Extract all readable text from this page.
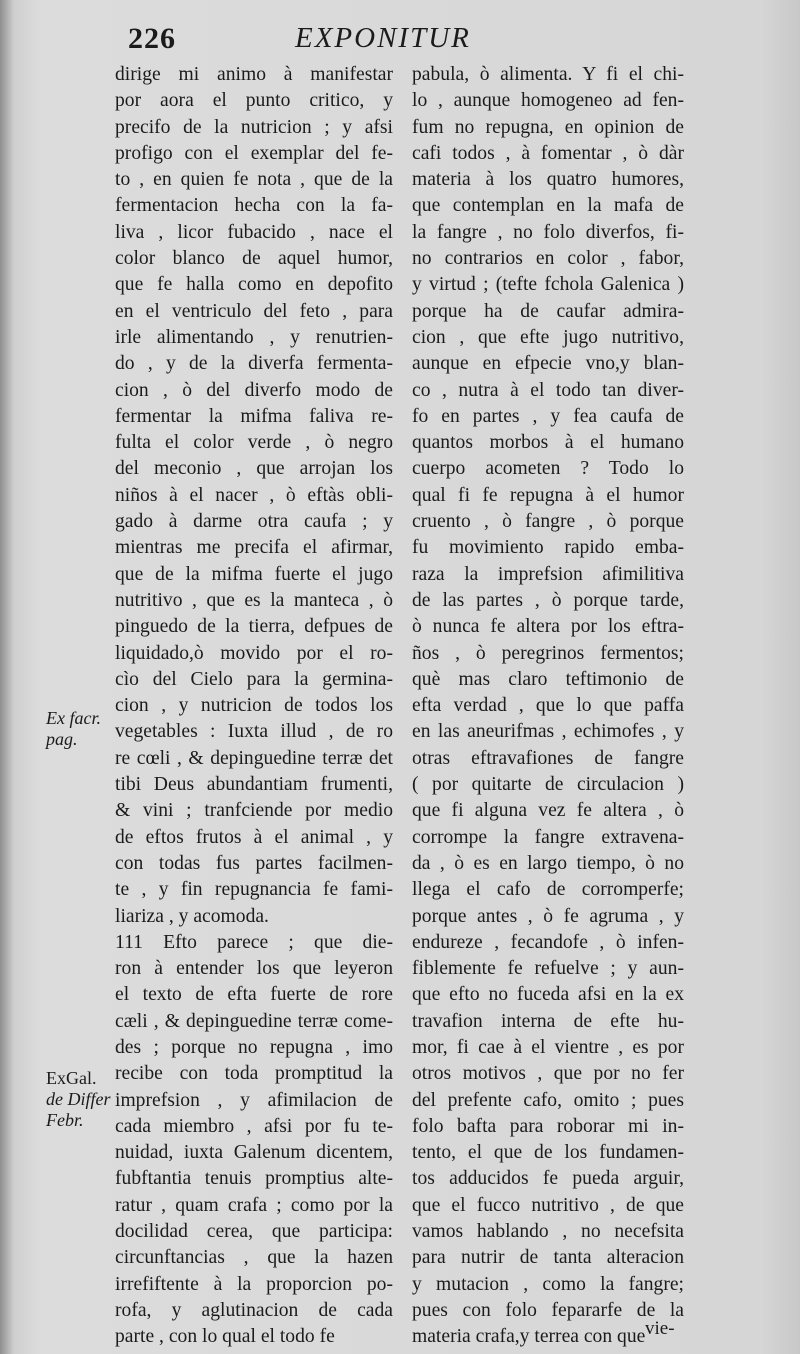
226	EXPONITUR
dirige mi animo à manifestar
por aora el punto critico, y
precifo de la nutricion ; y afsi
profigo con el exemplar del fe-
to , en quien fe nota , que de la
fermentacion hecha con la fa-
liva , licor fubacido , nace el
color blanco de aquel humor,
que fe halla como en depofito
en el ventriculo del feto , para
irle alimentando , y renutrien-
do , y de la diverfa fermenta-
cion , ò del diverfo modo de
fermentar la mifma faliva re-
fulta el color verde , ò negro
del meconio , que arrojan los
niños à el nacer , ò eftàs obli-
gado à darme otra caufa ; y
mientras me precifa el afirmar,
que de la mifma fuerte el jugo
nutritivo , que es la manteca , ò
pinguedo de la tierra, defpues de
liquidado,ò movido por el ro-
cìo del Cielo para la germina-
cion , y nutricion de todos los
vegetables : Iuxta illud , de ro
re cœli , & depinguedine terræ det
tibi Deus abundantiam frumenti,
& vini ; tranfciende por medio
de eftos frutos à el animal , y
con todas fus partes facilmen-
te , y fin repugnancia fe fami-
liariza , y acomoda.
111 Efto parece ; que die-
ron à entender los que leyeron
el texto de efta fuerte de rore
cæli , & depinguedine terræ come-
des ; porque no repugna , imo
recibe con toda promptitud la
imprefsion , y afimilacion de
cada miembro , afsi por fu te-
nuidad, iuxta Galenum dicentem,
fubftantia tenuis promptius alte-
ratur , quam crafa ; como por la
docilidad cerea, que participa:
circunftancias , que la hazen
irrefiftente à la proporcion po-
rofa, y aglutinacion de cada
parte , con lo qual el todo fe
pabula, ò alimenta. Y fi el chi-
lo , aunque homogeneo ad fen-
fum no repugna, en opinion de
cafi todos , à fomentar , ò dàr
materia à los quatro humores,
que contemplan en la mafa de
la fangre , no folo diverfos, fi-
no contrarios en color , fabor,
y virtud ; (tefte fchola Galenica )
porque ha de caufar admira-
cion , que efte jugo nutritivo,
aunque en efpecie vno,y blan-
co , nutra à el todo tan diver-
fo en partes , y fea caufa de
quantos morbos à el humano
cuerpo acometen ? Todo lo
qual fi fe repugna à el humor
cruento , ò fangre , ò porque
fu movimiento rapido emba-
raza la imprefsion afimilitiva
de las partes , ò porque tarde,
ò nunca fe altera por los eftra-
ños , ò peregrinos fermentos;
què mas claro teftimonio de
efta verdad , que lo que paffa
en las aneurifmas , echimofes , y
otras eftravafiones de fangre
( por quitarte de circulacion )
que fi alguna vez fe altera , ò
corrompe la fangre extravena-
da , ò es en largo tiempo, ò no
llega el cafo de corromperfe;
porque antes , ò fe agruma , y
endureze , fecandofe , ò infen-
fiblemente fe refuelve ; y aun-
que efto no fuceda afsi en la ex
travafion interna de efte hu-
mor, fi cae à el vientre , es por
otros motivos , que por no fer
del prefente cafo, omito ; pues
folo bafta para roborar mi in-
tento, el que de los fundamen-
tos adducidos fe pueda arguir,
que el fucco nutritivo , de que
vamos hablando , no necefsita
para nutrir de tanta alteracion
y mutacion , como la fangre;
pues con folo fepararfe de la
materia crafa,y terrea con que
Ex facr.
pag.
ExGal.
de Differ
Febr.
vie-
